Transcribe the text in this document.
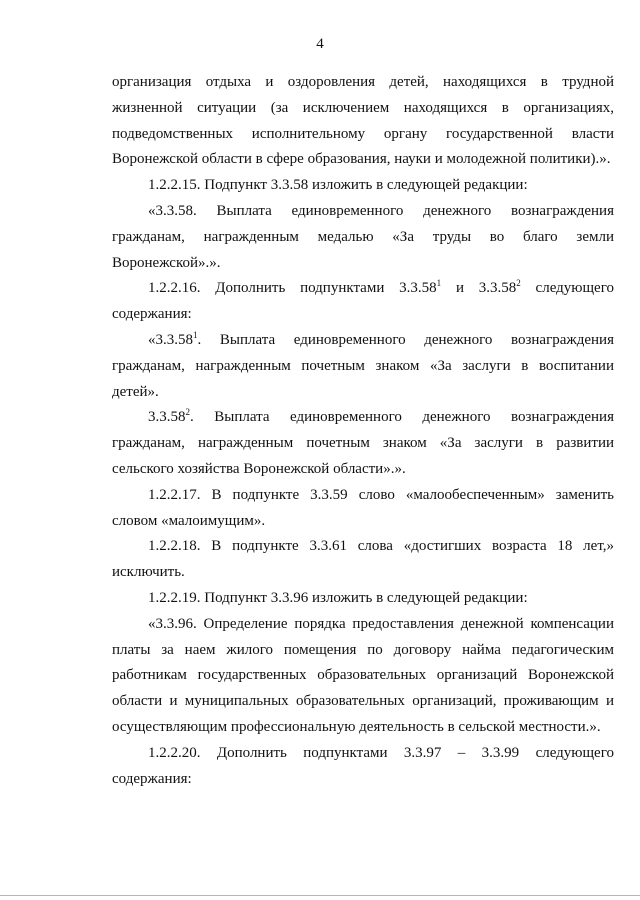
4

организация отдыха и оздоровления детей, находящихся в трудной жизненной ситуации (за исключением находящихся в организациях, подведомственных исполнительному органу государственной власти Воронежской области в сфере образования, науки и молодежной политики).».

1.2.2.15. Подпункт 3.3.58 изложить в следующей редакции:

«3.3.58. Выплата единовременного денежного вознаграждения гражданам, награжденным медалью «За труды во благо земли Воронежской».».

1.2.2.16. Дополнить подпунктами 3.3.58$^1$ и 3.3.58$^2$ следующего содержания:

«3.3.58$^1$. Выплата единовременного денежного вознаграждения гражданам, награжденным почетным знаком «За заслуги в воспитании детей».

3.3.58$^2$. Выплата единовременного денежного вознаграждения гражданам, награжденным почетным знаком «За заслуги в развитии сельского хозяйства Воронежской области».».

1.2.2.17. В подпункте 3.3.59 слово «малообеспеченным» заменить словом «малоимущим».

1.2.2.18. В подпункте 3.3.61 слова «достигших возраста 18 лет,» исключить.

1.2.2.19. Подпункт 3.3.96 изложить в следующей редакции:

«3.3.96. Определение порядка предоставления денежной компенсации платы за наем жилого помещения по договору найма педагогическим работникам государственных образовательных организаций Воронежской области и муниципальных образовательных организаций, проживающим и осуществляющим профессиональную деятельность в сельской местности.».

1.2.2.20. Дополнить подпунктами 3.3.97 – 3.3.99 следующего содержания:
